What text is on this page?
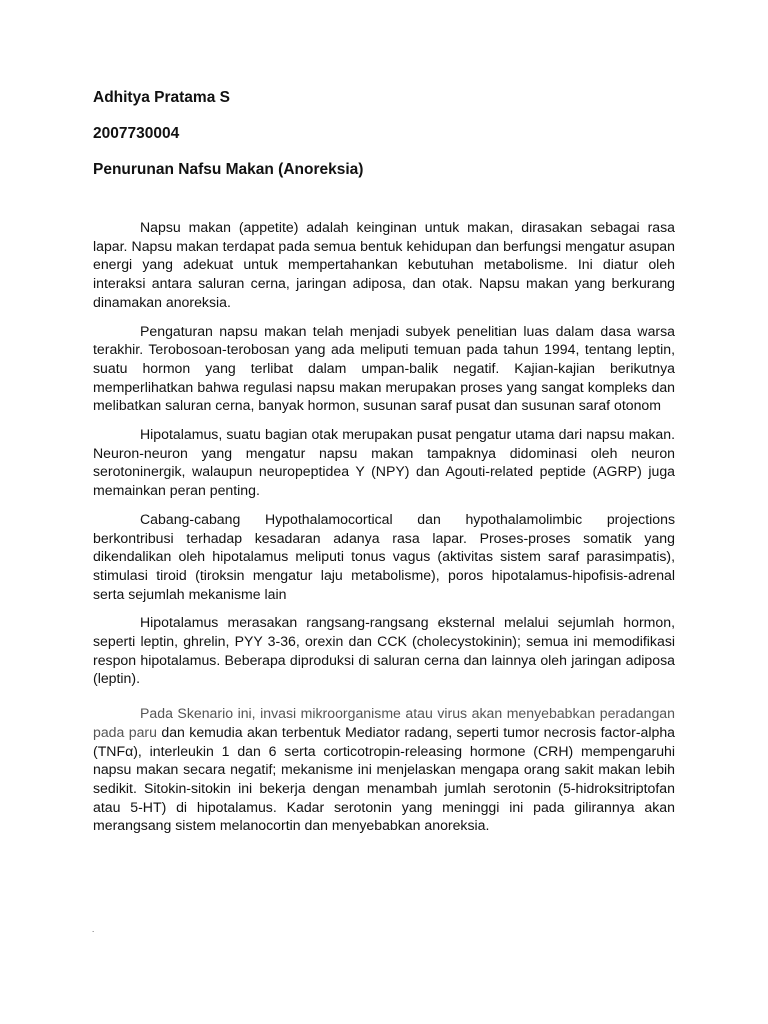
Adhitya Pratama S

2007730004

Penurunan Nafsu Makan (Anoreksia)

Napsu makan (appetite) adalah keinginan untuk makan, dirasakan sebagai rasa lapar. Napsu makan terdapat pada semua bentuk kehidupan dan berfungsi mengatur asupan energi yang adekuat untuk mempertahankan kebutuhan metabolisme. Ini diatur oleh interaksi antara saluran cerna, jaringan adiposa, dan otak. Napsu makan yang berkurang dinamakan anoreksia.

Pengaturan napsu makan telah menjadi subyek penelitian luas dalam dasa warsa terakhir. Terobosoan-terobosan yang ada meliputi temuan pada tahun 1994, tentang leptin, suatu hormon yang terlibat dalam umpan-balik negatif. Kajian-kajian berikutnya memperlihatkan bahwa regulasi napsu makan merupakan proses yang sangat kompleks dan melibatkan saluran cerna, banyak hormon, susunan saraf pusat dan susunan saraf otonom

Hipotalamus, suatu bagian otak merupakan pusat pengatur utama dari napsu makan. Neuron-neuron yang mengatur napsu makan tampaknya didominasi oleh neuron serotoninergik, walaupun neuropeptidea Y (NPY) dan Agouti-related peptide (AGRP) juga memainkan peran penting.

Cabang-cabang Hypothalamocortical dan hypothalamolimbic projections berkontribusi terhadap kesadaran adanya rasa lapar. Proses-proses somatik yang dikendalikan oleh hipotalamus meliputi tonus vagus (aktivitas sistem saraf parasimpatis), stimulasi tiroid (tiroksin mengatur laju metabolisme), poros hipotalamus-hipofisis-adrenal serta sejumlah mekanisme lain

Hipotalamus merasakan rangsang-rangsang eksternal melalui sejumlah hormon, seperti leptin, ghrelin, PYY 3-36, orexin dan CCK (cholecystokinin); semua ini memodifikasi respon hipotalamus. Beberapa diproduksi di saluran cerna dan lainnya oleh jaringan adiposa (leptin).

Pada Skenario ini, invasi mikroorganisme atau virus akan menyebabkan peradangan pada paru dan kemudia akan terbentuk Mediator radang, seperti tumor necrosis factor-alpha (TNFα), interleukin 1 dan 6 serta corticotropin-releasing hormone (CRH) mempengaruhi napsu makan secara negatif; mekanisme ini menjelaskan mengapa orang sakit makan lebih sedikit. Sitokin-sitokin ini bekerja dengan menambah jumlah serotonin (5-hidroksitriptofan atau 5-HT) di hipotalamus. Kadar serotonin yang meninggi ini pada gilirannya akan merangsang sistem melanocortin dan menyebabkan anoreksia.

.
